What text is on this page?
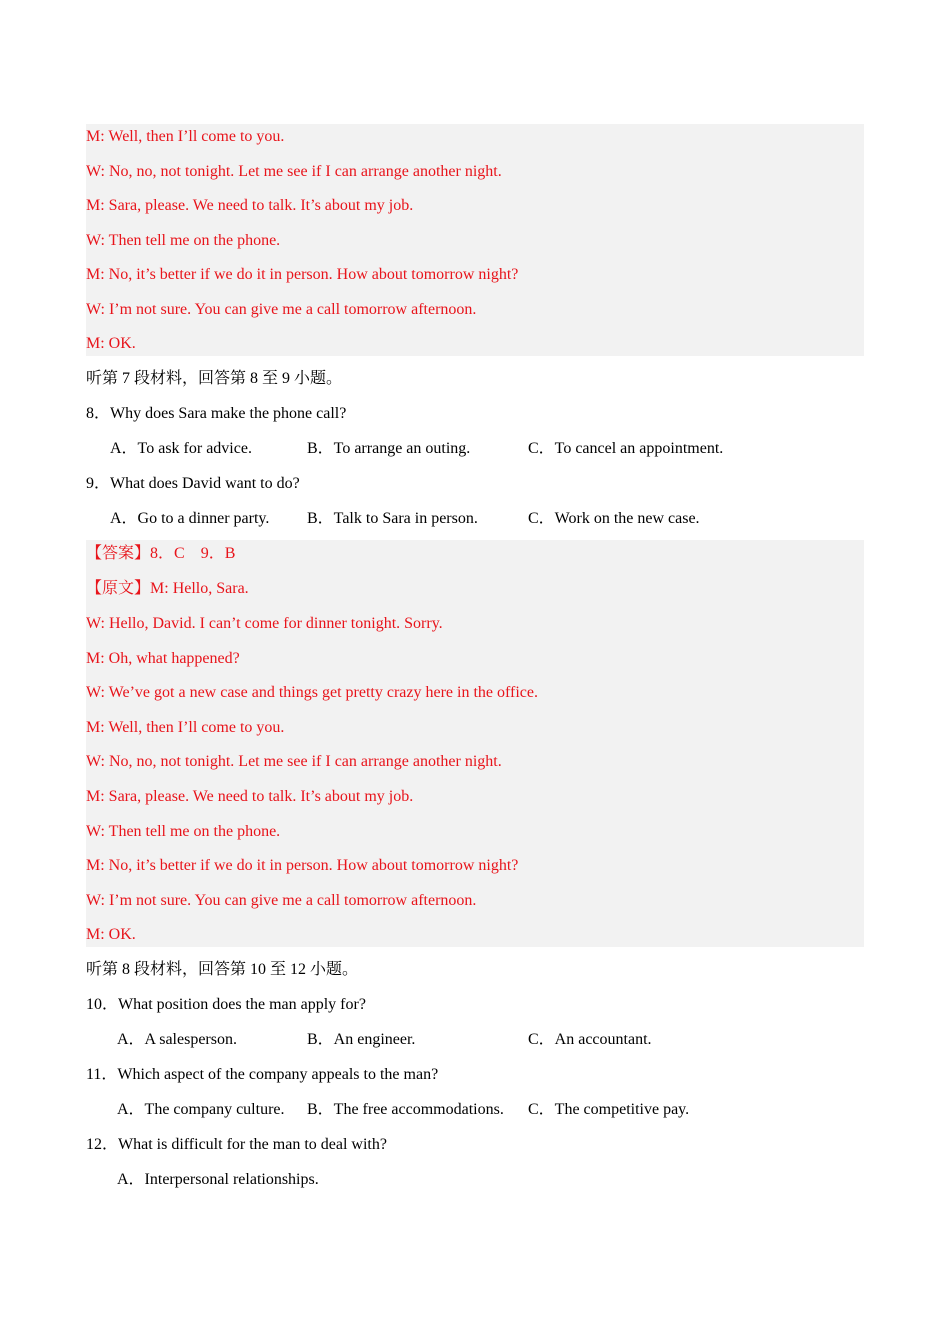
M: Well, then I’ll come to you.
W: No, no, not tonight. Let me see if I can arrange another night.
M: Sara, please. We need to talk. It’s about my job.
W: Then tell me on the phone.
M: No, it’s better if we do it in person. How about tomorrow night?
W: I’m not sure. You can give me a call tomorrow afternoon.
M: OK.
听第 7 段材料，回答第 8 至 9 小题。
8．Why does Sara make the phone call?
A．To ask for advice.	B．To arrange an outing.	C．To cancel an appointment.
9．What does David want to do?
A．Go to a dinner party. B．Talk to Sara in person.	C．Work on the new case.
【答案】8．C　9．B
【原文】M: Hello, Sara.
W: Hello, David. I can’t come for dinner tonight. Sorry.
M: Oh, what happened?
W: We’ve got a new case and things get pretty crazy here in the office.
M: Well, then I’ll come to you.
W: No, no, not tonight. Let me see if I can arrange another night.
M: Sara, please. We need to talk. It’s about my job.
W: Then tell me on the phone.
M: No, it’s better if we do it in person. How about tomorrow night?
W: I’m not sure. You can give me a call tomorrow afternoon.
M: OK.
听第 8 段材料，回答第 10 至 12 小题。
10．What position does the man apply for?
A．A salesperson.	B．An engineer.	C．An accountant.
11．Which aspect of the company appeals to the man?
A．The company culture. B．The free accommodations. C．The competitive pay.
12．What is difficult for the man to deal with?
A．Interpersonal relationships.
